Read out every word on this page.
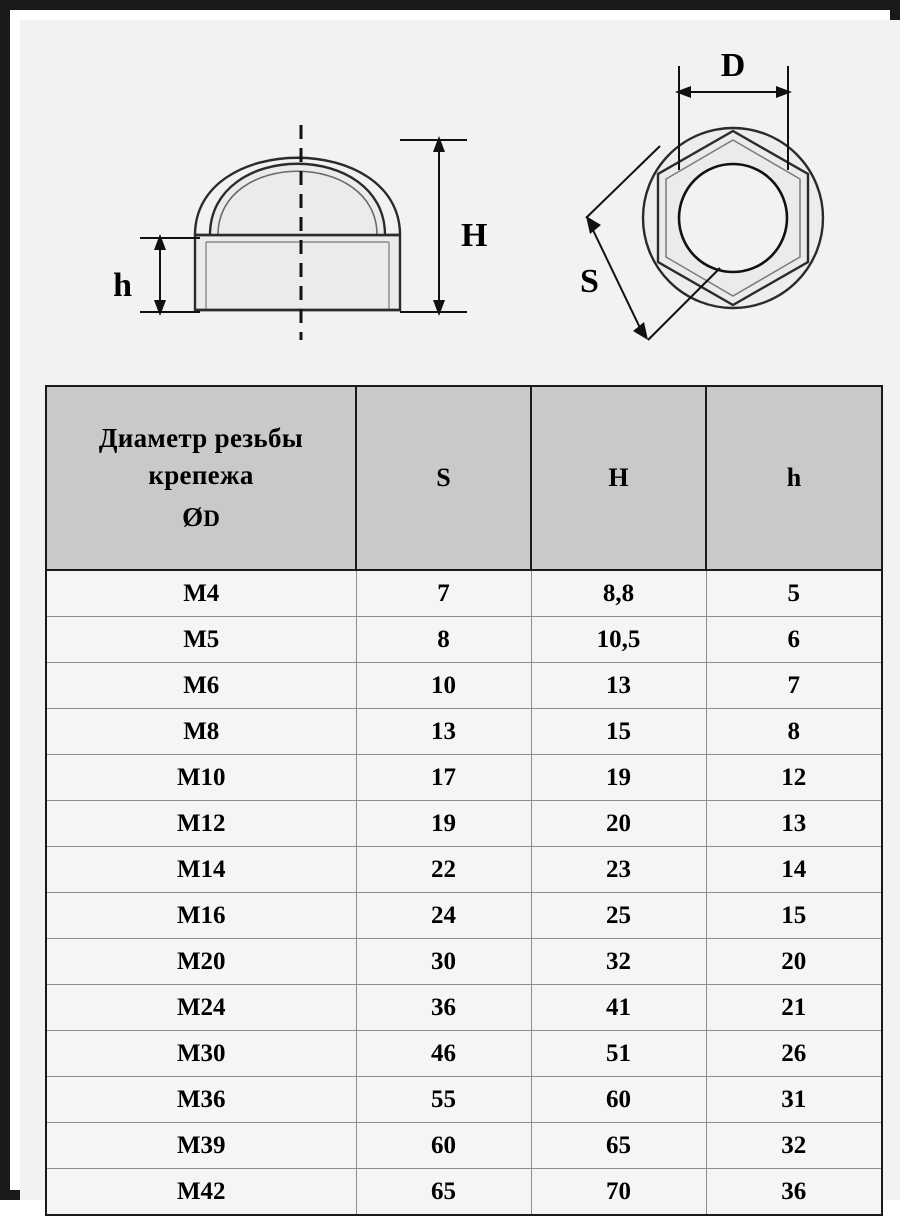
H
h
D
S
Диаметр резьбы
крепежа
ØD	S	H	h
M4	7	8,8	5
M5	8	10,5	6
M6	10	13	7
M8	13	15	8
M10	17	19	12
M12	19	20	13
M14	22	23	14
M16	24	25	15
M20	30	32	20
M24	36	41	21
M30	46	51	26
M36	55	60	31
M39	60	65	32
M42	65	70	36
